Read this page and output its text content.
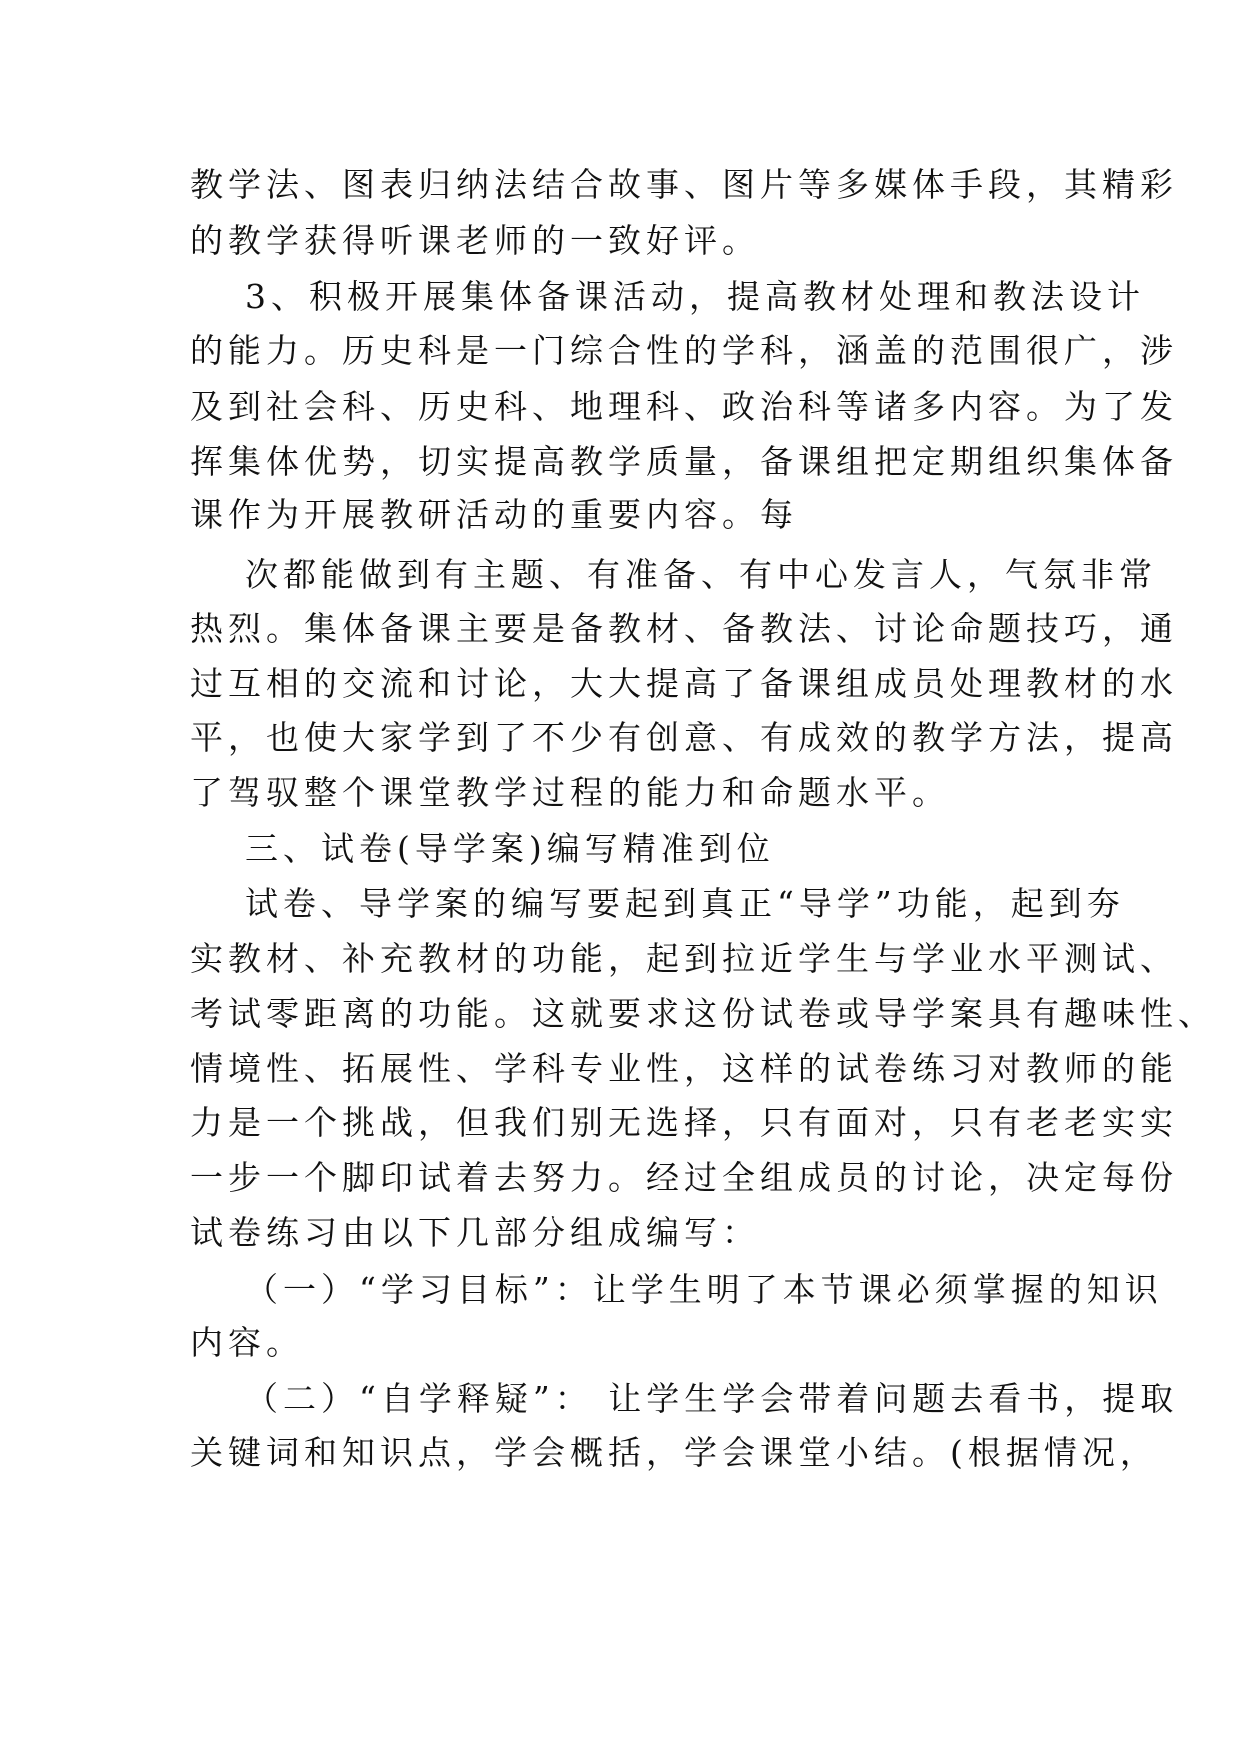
教学法、图表归纳法结合故事、图片等多媒体手段，其精彩
的教学获得听课老师的一致好评。
3、积极开展集体备课活动，提高教材处理和教法设计
的能力。历史科是一门综合性的学科，涵盖的范围很广，涉
及到社会科、历史科、地理科、政治科等诸多内容。为了发
挥集体优势，切实提高教学质量，备课组把定期组织集体备
课作为开展教研活动的重要内容。每
次都能做到有主题、有准备、有中心发言人，气氛非常
热烈。集体备课主要是备教材、备教法、讨论命题技巧，通
过互相的交流和讨论，大大提高了备课组成员处理教材的水
平，也使大家学到了不少有创意、有成效的教学方法，提高
了驾驭整个课堂教学过程的能力和命题水平。
三、试卷(导学案)编写精准到位
试卷、导学案的编写要起到真正“导学”功能，起到夯
实教材、补充教材的功能，起到拉近学生与学业水平测试、
考试零距离的功能。这就要求这份试卷或导学案具有趣味性、
情境性、拓展性、学科专业性，这样的试卷练习对教师的能
力是一个挑战，但我们别无选择，只有面对，只有老老实实
一步一个脚印试着去努力。经过全组成员的讨论，决定每份
试卷练习由以下几部分组成编写：
（一）“学习目标”：让学生明了本节课必须掌握的知识
内容。
（二）“自学释疑”： 让学生学会带着问题去看书，提取
关键词和知识点，学会概括，学会课堂小结。(根据情况，
